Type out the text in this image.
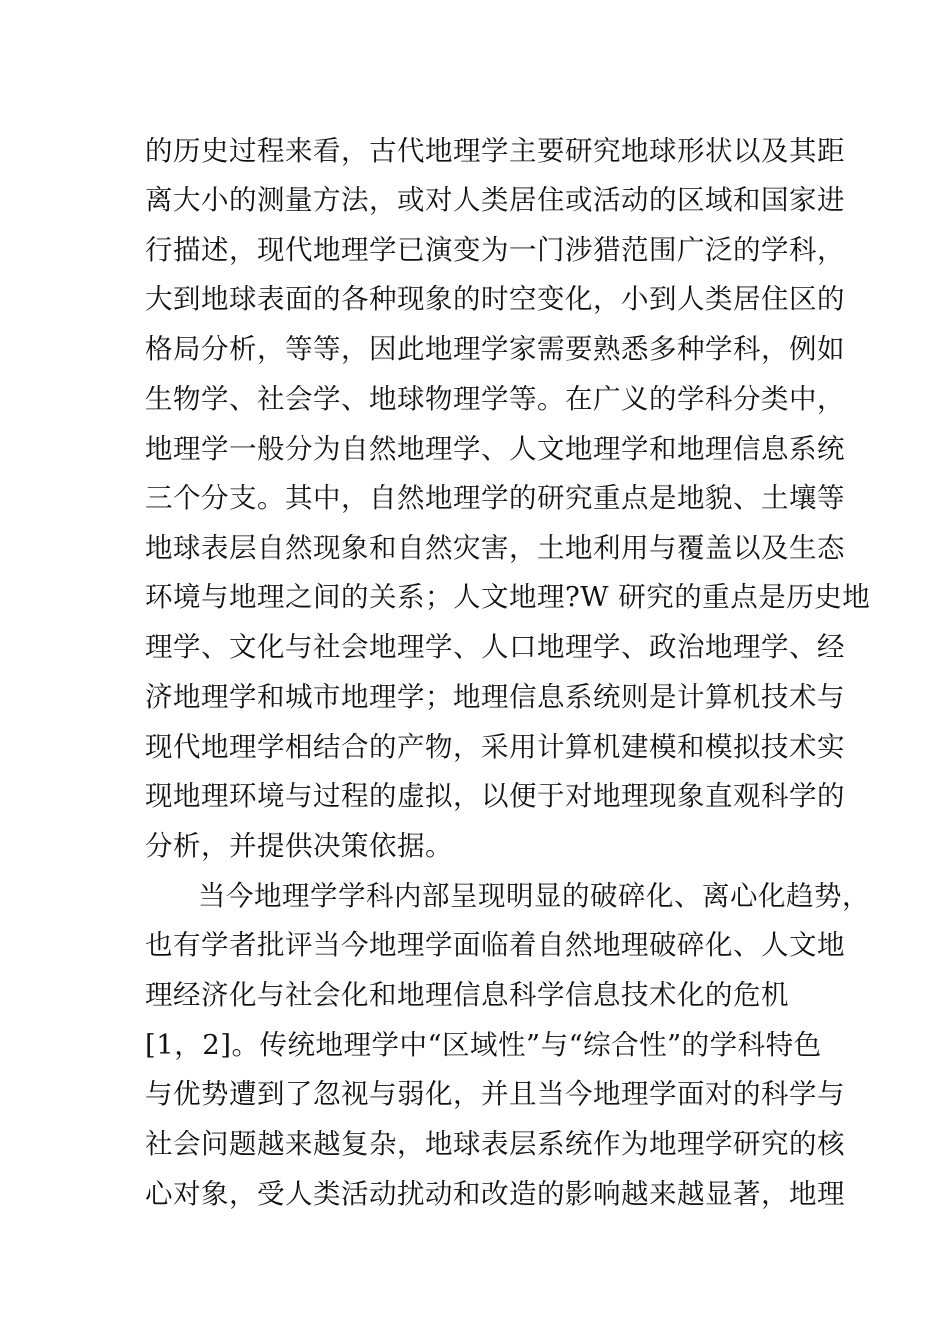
的历史过程来看，古代地理学主要研究地球形状以及其距
离大小的测量方法，或对人类居住或活动的区域和国家进
行描述，现代地理学已演变为一门涉猎范围广泛的学科，
大到地球表面的各种现象的时空变化，小到人类居住区的
格局分析，等等，因此地理学家需要熟悉多种学科，例如
生物学、社会学、地球物理学等。在广义的学科分类中，
地理学一般分为自然地理学、人文地理学和地理信息系统
三个分支。其中，自然地理学的研究重点是地貌、土壤等
地球表层自然现象和自然灾害，土地利用与覆盖以及生态
环境与地理之间的关系；人文地理?W 研究的重点是历史地
理学、文化与社会地理学、人口地理学、政治地理学、经
济地理学和城市地理学；地理信息系统则是计算机技术与
现代地理学相结合的产物，采用计算机建模和模拟技术实
现地理环境与过程的虚拟，以便于对地理现象直观科学的
分析，并提供决策依据。
当今地理学学科内部呈现明显的破碎化、离心化趋势，
也有学者批评当今地理学面临着自然地理破碎化、人文地
理经济化与社会化和地理信息科学信息技术化的危机
[1，2]。传统地理学中“区域性”与“综合性”的学科特色
与优势遭到了忽视与弱化，并且当今地理学面对的科学与
社会问题越来越复杂，地球表层系统作为地理学研究的核
心对象，受人类活动扰动和改造的影响越来越显著，地理
